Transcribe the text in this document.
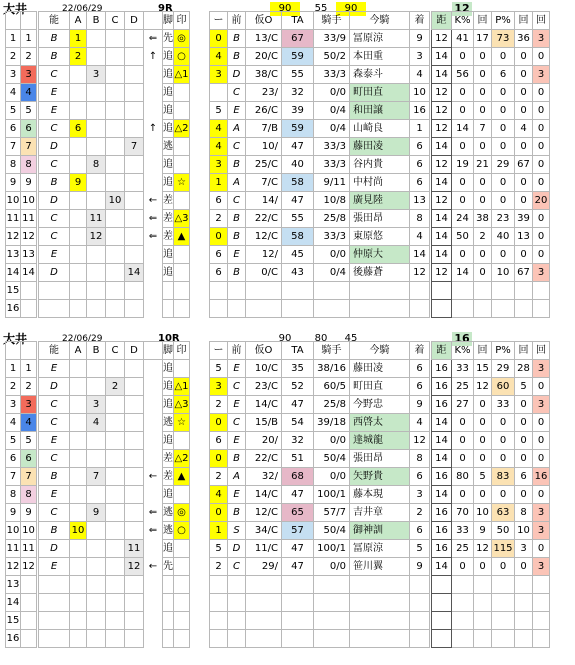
大井	22/06/29	9R	90	55	90	12
			能	A	B	C	D		脚	印		ー	前	仮O	TA	騎手	今騎	着		距	K%	回	P%	回	回
1	1		B	1				⇐	先	◎		0	B	13/C	67	33/9	冨原涼	9		12	41	17	73	36	3
2	2		B	2				↑	追	○		4	B	20/C	59	50/2	本田重	3		14	0	0	0	0	0
3	3		C		3				追	△1		3	D	38/C	55	33/3	森泰斗	4		14	56	0	6	0	3
4	4		E						追				C	23/	32	0/0	町田直	10		12	0	0	0	0	0
5	5		E						追			5	E	26/C	39	0/4	和田譲	16		12	0	0	0	0	0
6	6		C	6				↑	追	△2		4	A	7/B	59	0/4	山崎良	1		12	14	7	0	4	0
7	7		D				7		逃			4	C	10/	47	33/3	藤田凌	6		14	0	0	0	0	0
8	8		C		8				追			3	B	25/C	40	33/3	谷内貴	6		12	19	21	29	67	0
9	9		B	9					追	☆		1	A	7/C	58	9/11	中村尚	6		14	0	0	0	0	0
10	10		D			10		←	差			6	C	14/	47	10/8	廣見陸	13		12	0	0	0	0	20
11	11		C		11			⇐	差	△3		2	B	22/C	55	25/8	張田昂	8		14	24	38	23	39	0
12	12		C		12			⇐	差	▲		0	B	12/C	58	33/3	東原悠	4		14	50	2	40	13	0
13	13		E						追			6	E	12/	45	0/0	仲原大	14		14	0	0	0	0	0
14	14		D				14		追			6	B	0/C	43	0/4	後藤蒼	12		12	14	0	10	67	3
15																									
16																									
大井	22/06/29	10R	90	80	45	16
			能	A	B	C	D		脚	印		ー	前	仮O	TA	騎手	今騎	着		距	K%	回	P%	回	回
1	1		E						追			5	E	10/C	35	38/16	藤田凌	6		16	33	15	29	28	3
2	2		D			2			追	△1		3	C	23/C	52	60/5	町田直	6		16	25	12	60	5	0
3	3		C		3				追	△3		2	E	14/C	47	25/8	今野忠	9		16	27	0	33	0	3
4	4		C		4				逃	☆		0	C	15/B	54	39/18	西啓太	4		14	0	0	0	0	0
5	5		E						追			6	E	20/	32	0/0	達城龍	12		14	0	0	0	0	0
6	6		C						差	△2		0	B	22/C	51	50/4	張田昂	8		14	0	0	0	0	0
7	7		B		7			←	差	▲		2	A	32/	68	0/0	矢野貴	6		16	80	5	83	6	16
8	8		E						追			4	E	14/C	47	100/1	藤本現	3		14	0	0	0	0	0
9	9		C		9			⇐	逃	◎		0	B	12/C	65	57/7	吉井章	2		16	70	10	63	8	3
10	10		B	10				⇐	逃	○		1	S	34/C	57	50/4	御神訓	6		16	33	9	50	10	3
11	11		D				11		追			5	D	11/C	47	100/1	冨原涼	5		16	25	12	115	3	0
12	12		E				12	←	先			2	C	29/	47	0/0	笹川翼	9		14	0	0	0	0	3
13																									
14																									
15																									
16																									
